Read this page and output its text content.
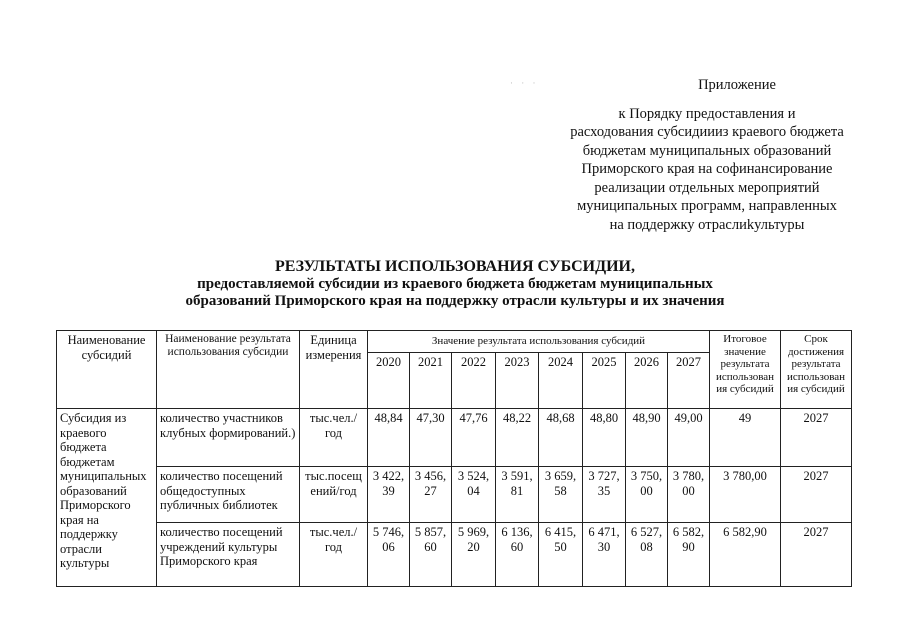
· · ·	Приложение
к Порядку предоставления и
расходования субсидиииз краевого бюджета
бюджетам муниципальных образований
Приморского края на софинансирование
реализации отдельных мероприятий
муниципальных программ, направленных
на поддержку отраслиkультуры
РЕЗУЛЬТАТЫ ИСПОЛЬЗОВАНИЯ СУБСИДИИ,
предоставляемой субсидии из краевого бюджета бюджетам муниципальных
образований Приморского края на поддержку отрасли культуры и их значения
Наименование субсидий	Наименование результата использования субсидии	Единица измерения	Значение результата использования субсидий								Итоговое значение результата использован ия субсидий	Срок достижения результата использован ия субсидий
			2020	2021	2022	2023	2024	2025	2026	2027		
Субсидия из краевого бюджета бюджетам муниципальных образований Приморского края на поддержку отрасли культуры	количество участников клубных формирований.)	тыс.чел./ год	48,84	47,30	47,76	48,22	48,68	48,80	48,90	49,00	49	2027
	количество посещений общедоступных публичных библиотек	тыс.посещ ений/год	3 422, 39	3 456, 27	3 524, 04	3 591, 81	3 659, 58	3 727, 35	3 750, 00	3 780, 00	3 780,00	2027
	количество посещений учреждений культуры Приморского края	тыс.чел./ год	5 746, 06	5 857, 60	5 969, 20	6 136, 60	6 415, 50	6 471, 30	6 527, 08	6 582, 90	6 582,90	2027
